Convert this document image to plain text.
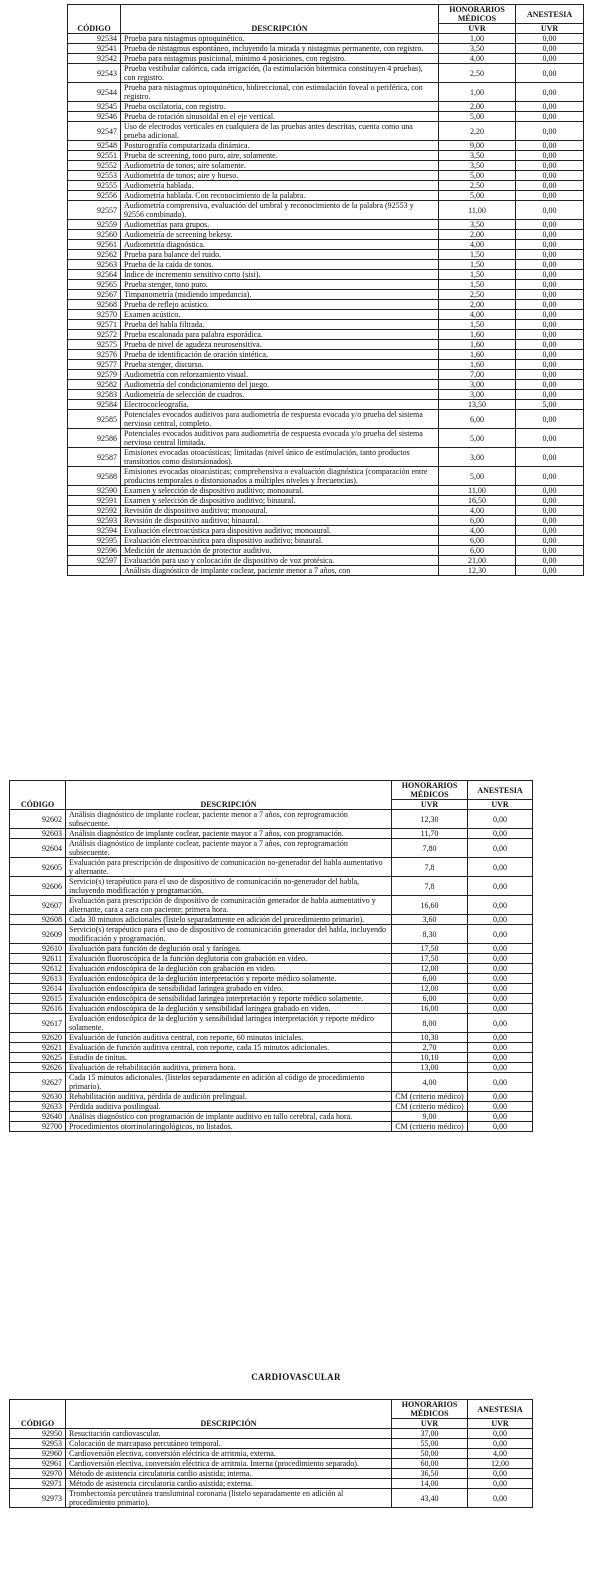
CÓDIGO	DESCRIPCIÓN	HONORARIOS MÉDICOS	ANESTESIA
		UVR	UVR
92534	Prueba para nistagmus optoquinético.	1,00	0,00
92541	Prueba de nistagmus espontáneo, incluyendo la mirada y nistagmus permanente, con registro.	3,50	0,00
92542	Prueba para nistagmus posicional, mínimo 4 posiciones, con registro.	4,00	0,00
92543	Prueba vestibular calórica, cada irrigación, (la estimulación bitermica constituyen 4 pruebas), con registro.	2,50	0,00
92544	Prueba para nistagmus optoquinético, bidireccional, con estimulación foveal o periférica, con registro.	1,00	0,00
92545	Prueba oscilatoria, con registro.	2,00	0,00
92546	Prueba de rotación sinusoidal en el eje vertical.	5,00	0,00
92547	Uso de electrodos verticales en cualquiera de las pruebas antes descritas, cuenta como una prueba adicional.	2,20	0,00
92548	Posturografía computarizada dinámica.	9,00	0,00
92551	Prueba de screening, tono puro, aire, solamente.	3,50	0,00
92552	Audiometría de tonos; aire solamente.	3,50	0,00
92553	Audiometría de tonos; aire y hueso.	5,00	0,00
92555	Audiometría hablada.	2,50	0,00
92556	Audiometría hablada. Con reconocimiento de la palabra.	5,00	0,00
92557	Audiometría comprensiva, evaluación del umbral y reconocimiento de la palabra (92553 y 92556 combinado).	11,00	0,00
92559	Audiometrías para grupos.	3,50	0,00
92560	Audiometría de screening bekesy.	2,00	0,00
92561	Audiometría diagnóstica.	4,00	0,00
92562	Prueba para balance del ruido.	1,50	0,00
92563	Prueba de la caída de tonos.	1,50	0,00
92564	Índice de incremento sensitivo corto (sisi).	1,50	0,00
92565	Prueba stenger, tono puro.	1,50	0,00
92567	Timpanometría (midiendo impedancia).	2,50	0,00
92568	Prueba de reflejo acústico.	2,00	0,00
92570	Examen acústico.	4,00	0,00
92571	Prueba del habla filtrada.	1,50	0,00
92572	Prueba escalonada para palabra esporádica.	1,60	0,00
92575	Prueba de nivel de agudeza neurosensitiva.	1,60	0,00
92576	Prueba de identificación de oración sintética.	1,60	0,00
92577	Prueba stenger, discurso.	1,60	0,00
92579	Audiometría con reforzamiento visual.	7,00	0,00
92582	Audiometría del condicionamiento del juego.	3,00	0,00
92583	Audiometría de selección de cuadros.	3,00	0,00
92584	Electrococleografía.	13,50	5,00
92585	Potenciales evocados auditivos para audiometría de respuesta evocada y/o prueba del sistema nervioso central, completo.	6,00	0,00
92586	Potenciales evocados auditivos para audiometría de respuesta evocada y/o prueba del sistema nervioso central limitada.	5,00	0,00
92587	Emisiones evocadas otoacústicas; limitadas (nivel único de estimulación, tanto productos transitorios como distorsionados).	3,00	0,00
92588	Emisiones evocadas otoacústicas; comprehensiva o evaluación diagnóstica (comparación entre productos temporales o distorsionados a múltiples niveles y frecuencias).	5,00	0,00
92590	Examen y selección de dispositivo auditivo; monoaural.	11,00	0,00
92591	Examen y selección de dispositivo auditivo; binaural.	16,50	0,00
92592	Revisión de dispositivo auditivo; monoaural.	4,00	0,00
92593	Revisión de dispositivo auditivo; binaural.	6,00	0,00
92594	Evaluación electroacústica para dispositivo auditivo; monoaural.	4,00	0,00
92595	Evaluación electroacústica para dispositivo auditivo; binaural.	6,00	0,00
92596	Medición de atenuación de protector auditivo.	6,00	0,00
92597	Evaluación para uso y colocación de dispositivo de voz protésica.	21,00	0,00
	Análisis diagnóstico de implante coclear, paciente menor a 7 años, con	12,30	0,00
CÓDIGO	DESCRIPCIÓN	HONORARIOS MÉDICOS	ANESTESIA
		UVR	UVR
92602	Análisis diagnóstico de implante coclear, paciente menor a 7 años, con reprogramación subsecuente.	12,30	0,00
92603	Análisis diagnóstico de implante coclear, paciente mayor a 7 años, con programación.	11,70	0,00
92604	Análisis diagnóstico de implante coclear, paciente mayor a 7 años, con reprogramación subsecuente.	7,80	0,00
92605	Evaluación para prescripción de dispositivo de comunicación no-generador del habla aumentativo y alternante.	7,8	0,00
92606	Servicio(s) terapéutico para el uso de dispositivo de comunicación no-generador del habla, incluyendo modificación y programación.	7,8	0,00
92607	Evaluación para prescripción de dispositivo de comunicación generador de habla aumentativo y alternante, cara a cara con paciente; primera hora.	16,60	0,00
92608	Cada 30 minutos adicionales (listelo separadamente en adición del procedimiento primario).	3,60	0,00
92609	Servicio(s) terapéutico para el uso de dispositivo de comunicación generador del habla, incluyendo modificación y programación.	8,30	0,00
92610	Evaluación para función de deglución oral y faríngea.	17,50	0,00
92611	Evaluación fluoroscópica de la función deglutoria con grabación en video.	17,50	0,00
92612	Evaluación endoscópica de la deglución con grabación en video.	12,00	0,00
92613	Evaluación endoscópica de la deglución interpretación y reporte médico solamente.	6,00	0,00
92614	Evaluación endoscópica de sensibilidad laringea grabado en video.	12,00	0,00
92615	Evaluación endoscópica de sensibilidad laringea interpretación y reporte médico solamente.	6,00	0,00
92616	Evaluación endoscópica de la deglución y sensibilidad laringea grabado en video.	16,00	0,00
92617	Evaluación endoscópica de la deglución y sensibilidad laringea interpretación y reporte médico solamente.	8,00	0,00
92620	Evaluación de función auditiva central, con reporte, 60 minutos iniciales.	10,30	0,00
92621	Evaluación de función auditiva central, con reporte, cada 15 minutos adicionales.	2,70	0,00
92625	Estudio de tinitus.	10,10	0,00
92626	Evaluación de rehabilitación auditiva, primera hora.	13,00	0,00
92627	Cada 15 minutos adicionales. (listelos separadamente en adición al código de procedimiento primario).	4,00	0,00
92630	Rehabilitación auditiva, pérdida de audición prelingual.	CM (criterio médico)	0,00
92633	Pérdida auditiva postlingual.	CM (criterio médico)	0,00
92640	Análisis diagnóstico con programación de implante auditivo en tallo cerebral, cada hora.	9,00	0,00
92700	Procedimientos otorrinolaringológicos, no listados.	CM (criterio médico)	0,00
CARDIOVASCULAR
CÓDIGO	DESCRIPCIÓN	HONORARIOS MÉDICOS	ANESTESIA
		UVR	UVR
92950	Resucitación cardiovascular.	37,00	0,00
92953	Colocación de marcapaso percutáneo temporal.	55,00	0,00
92960	Cardioversión electiva, conversión eléctrica de arritmia, externa.	50,00	4,00
92961	Cardioversión electiva, conversión eléctrica de arritmia. Interna (procedimiento separado).	60,00	12,00
92970	Método de asistencia circulatoria cardio asistida; interna.	36,50	0,00
92971	Método de asistencia circulatoria cardio asistida; externa.	14,00	0,00
92973	Trombectomía percutánea transluminal coronaria (listelo separadamente en adición al procedimiento primario).	43,40	0,00
